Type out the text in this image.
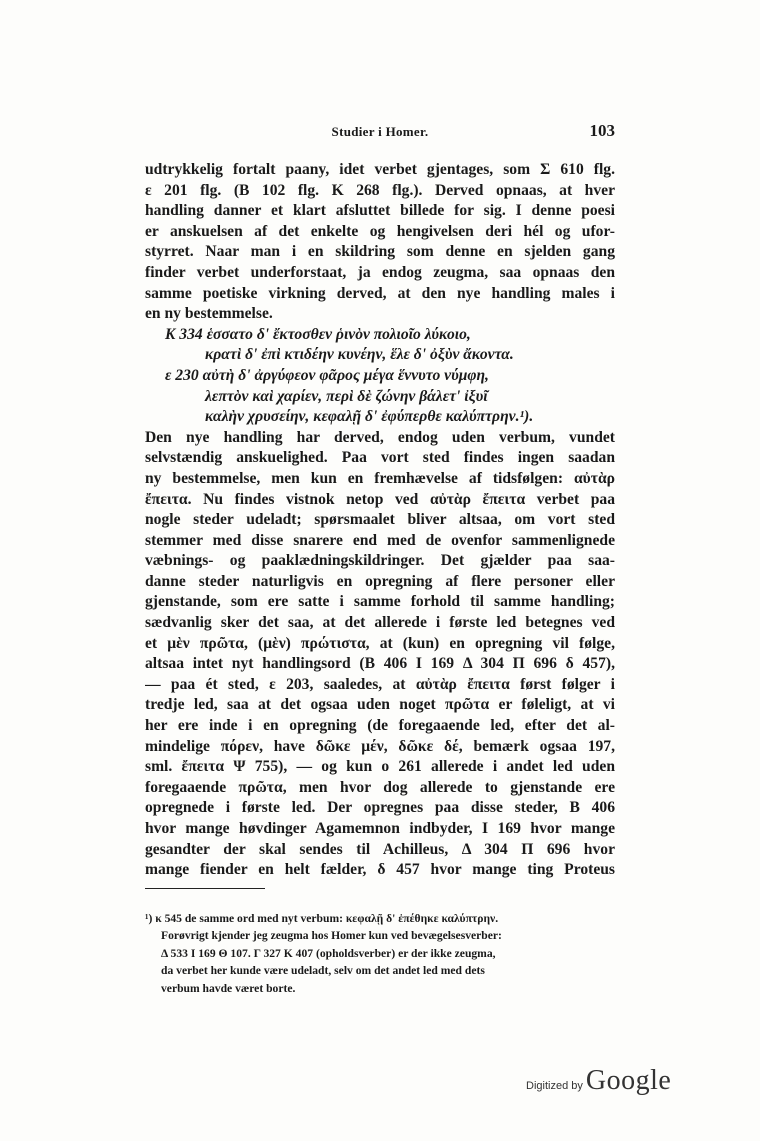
Studier i Homer.	103
udtrykkelig fortalt paany, idet verbet gjentages, som Σ 610 flg.
ε 201 flg. (B 102 flg. K 268 flg.). Derved opnaas, at hver
handling danner et klart afsluttet billede for sig. I denne poesi
er anskuelsen af det enkelte og hengivelsen deri hél og ufor-
styrret. Naar man i en skildring som denne en sjelden gang
finder verbet underforstaat, ja endog zeugma, saa opnaas den
samme poetiske virkning derved, at den nye handling males i
en ny bestemmelse.
K 334 ἑσσατο δ' ἔκτοσθεν ῥινὸν πολιοῖο λύκοιο,
κρατὶ δ' ἐπὶ κτιδέην κυνέην, ἕλε δ' ὀξὺν ἄκοντα.
ε 230 αὐτὴ δ' ἀργύφεον φᾶρος μέγα ἕννυτο νύμφη,
λεπτὸν καὶ χαρίεν, περὶ δὲ ζώνην βάλετ' ἰξυῖ
καλὴν χρυσείην, κεφαλῇ δ' ἐφύπερθε καλύπτρην.¹).
Den nye handling har derved, endog uden verbum, vundet
selvstændig anskuelighed. Paa vort sted findes ingen saadan
ny bestemmelse, men kun en fremhævelse af tidsfølgen: αὐτὰρ
ἔπειτα. Nu findes vistnok netop ved αὐτὰρ ἔπειτα verbet paa
nogle steder udeladt; spørsmaalet bliver altsaa, om vort sted
stemmer med disse snarere end med de ovenfor sammenlignede
væbnings- og paaklædningskildringer. Det gjælder paa saa-
danne steder naturligvis en opregning af flere personer eller
gjenstande, som ere satte i samme forhold til samme handling;
sædvanlig sker det saa, at det allerede i første led betegnes ved
et μὲν πρῶτα, (μὲν) πρώτιστα, at (kun) en opregning vil følge,
altsaa intet nyt handlingsord (B 406 I 169 Δ 304 Π 696 δ 457),
— paa ét sted, ε 203, saaledes, at αὐτὰρ ἔπειτα først følger i
tredje led, saa at det ogsaa uden noget πρῶτα er føleligt, at vi
her ere inde i en opregning (de foregaaende led, efter det al-
mindelige πόρεν, have δῶκε μέν, δῶκε δέ, bemærk ogsaa 197,
sml. ἔπειτα Ψ 755), — og kun ο 261 allerede i andet led uden
foregaaende πρῶτα, men hvor dog allerede to gjenstande ere
opregnede i første led. Der opregnes paa disse steder, B 406
hvor mange høvdinger Agamemnon indbyder, I 169 hvor mange
gesandter der skal sendes til Achilleus, Δ 304 Π 696 hvor
mange fiender en helt fælder, δ 457 hvor mange ting Proteus
¹) κ 545 de samme ord med nyt verbum: κεφαλῇ δ' ἐπέθηκε καλύπτρην.
Forøvrigt kjender jeg zeugma hos Homer kun ved bevægelsesverber:
Δ 533 I 169 Θ 107. Γ 327 K 407 (opholdsverber) er der ikke zeugma,
da verbet her kunde være udeladt, selv om det andet led med dets
verbum havde været borte.
Digitized by Google
